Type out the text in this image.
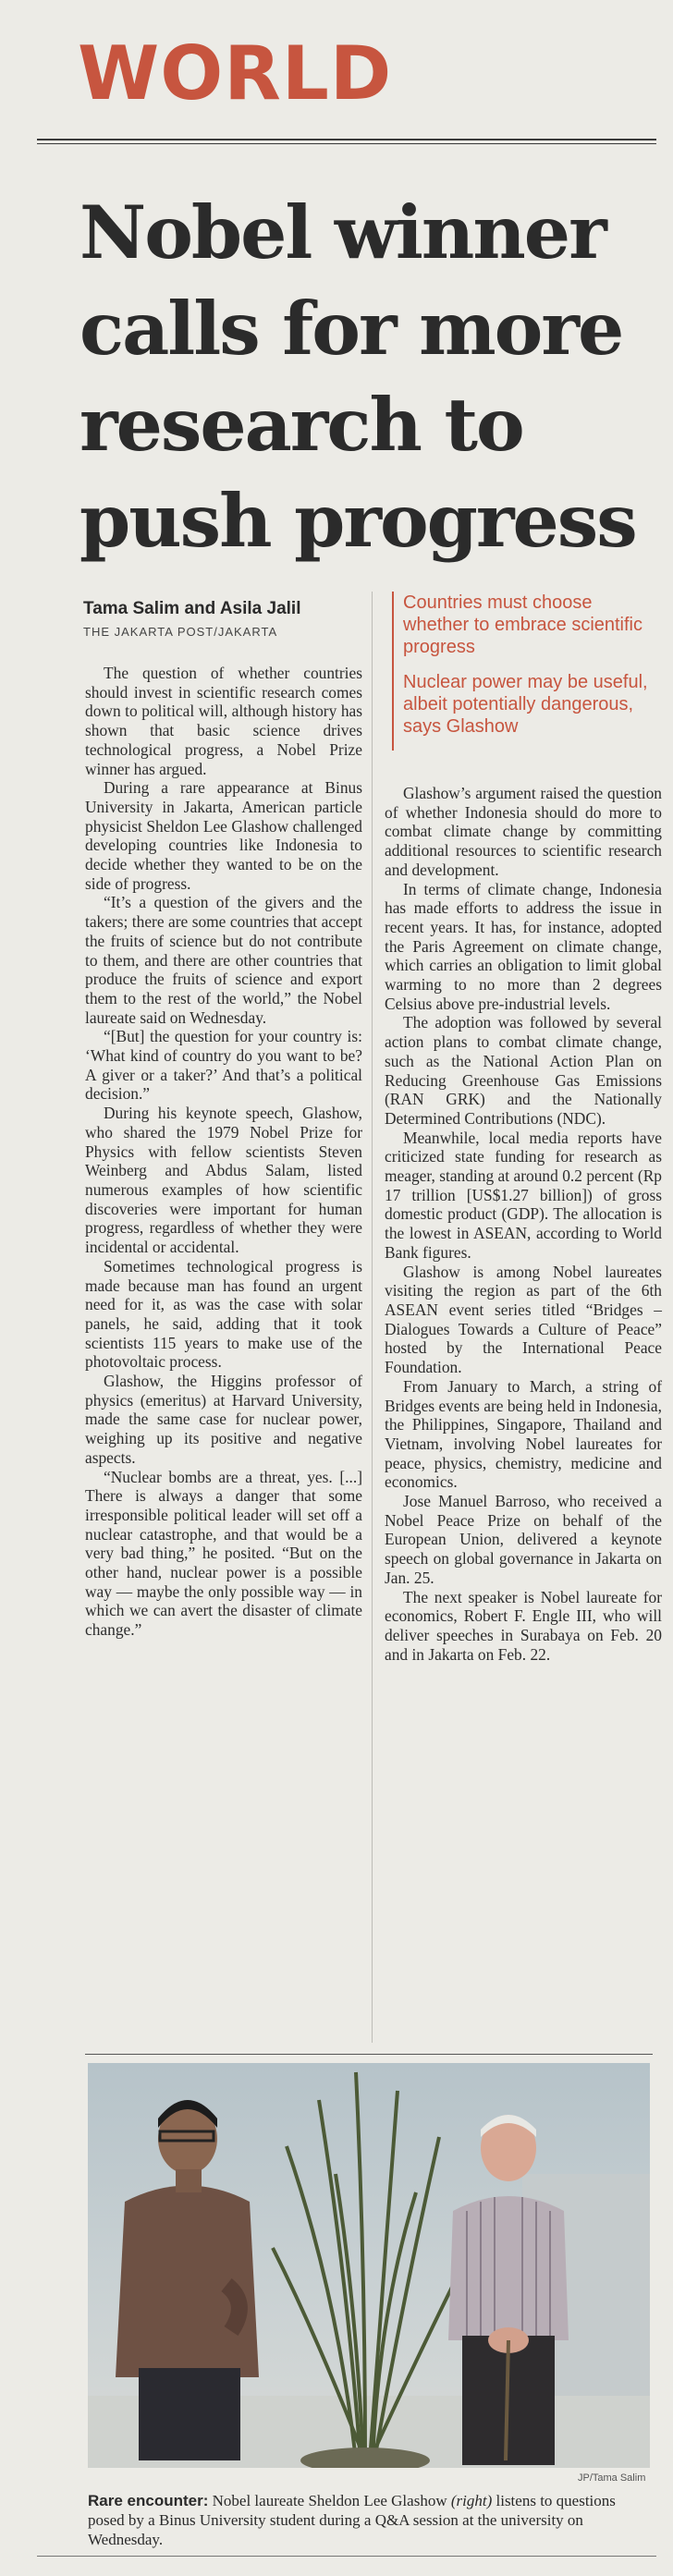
WORLD
Nobel winner calls for more research to push progress
Tama Salim and Asila Jalil
THE JAKARTA POST/JAKARTA

Countries must choose whether to embrace scientific progress

Nuclear power may be useful, albeit potentially dangerous, says Glashow

The question of whether countries should invest in scientific research comes down to political will, although history has shown that basic science drives technological progress, a Nobel Prize winner has argued.

During a rare appearance at Binus University in Jakarta, American particle physicist Sheldon Lee Glashow challenged developing countries like Indonesia to decide whether they wanted to be on the side of progress.

“It’s a question of the givers and the takers; there are some countries that accept the fruits of science but do not contribute to them, and there are other countries that produce the fruits of science and export them to the rest of the world,” the Nobel laureate said on Wednesday.

“[But] the question for your country is: ‘What kind of country do you want to be? A giver or a taker?’ And that’s a political decision.”

During his keynote speech, Glashow, who shared the 1979 Nobel Prize for Physics with fellow scientists Steven Weinberg and Abdus Salam, listed numerous examples of how scientific discoveries were important for human progress, regardless of whether they were incidental or accidental.

Sometimes technological progress is made because man has found an urgent need for it, as was the case with solar panels, he said, adding that it took scientists 115 years to make use of the photovoltaic process.

Glashow, the Higgins professor of physics (emeritus) at Harvard University, made the same case for nuclear power, weighing up its positive and negative aspects.

“Nuclear bombs are a threat, yes. [...] There is always a danger that some irresponsible political leader will set off a nuclear catastrophe, and that would be a very bad thing,” he posited. “But on the other hand, nuclear power is a possible way — maybe the only possible way — in which we can avert the disaster of climate change.”

Glashow’s argument raised the question of whether Indonesia should do more to combat climate change by committing additional resources to scientific research and development.

In terms of climate change, Indonesia has made efforts to address the issue in recent years. It has, for instance, adopted the Paris Agreement on climate change, which carries an obligation to limit global warming to no more than 2 degrees Celsius above pre-industrial levels.

The adoption was followed by several action plans to combat climate change, such as the National Action Plan on Reducing Greenhouse Gas Emissions (RAN GRK) and the Nationally Determined Contributions (NDC).

Meanwhile, local media reports have criticized state funding for research as meager, standing at around 0.2 percent (Rp 17 trillion [US$1.27 billion]) of gross domestic product (GDP). The allocation is the lowest in ASEAN, according to World Bank figures.

Glashow is among Nobel laureates visiting the region as part of the 6th ASEAN event series titled “Bridges – Dialogues Towards a Culture of Peace” hosted by the International Peace Foundation.

From January to March, a string of Bridges events are being held in Indonesia, the Philippines, Singapore, Thailand and Vietnam, involving Nobel laureates for peace, physics, chemistry, medicine and economics.

Jose Manuel Barroso, who received a Nobel Peace Prize on behalf of the European Union, delivered a keynote speech on global governance in Jakarta on Jan. 25.

The next speaker is Nobel laureate for economics, Robert F. Engle III, who will deliver speeches in Surabaya on Feb. 20 and in Jakarta on Feb. 22.

JP/Tama Salim
Rare encounter: Nobel laureate Sheldon Lee Glashow (right) listens to questions posed by a Binus University student during a Q&A session at the university on Wednesday.
